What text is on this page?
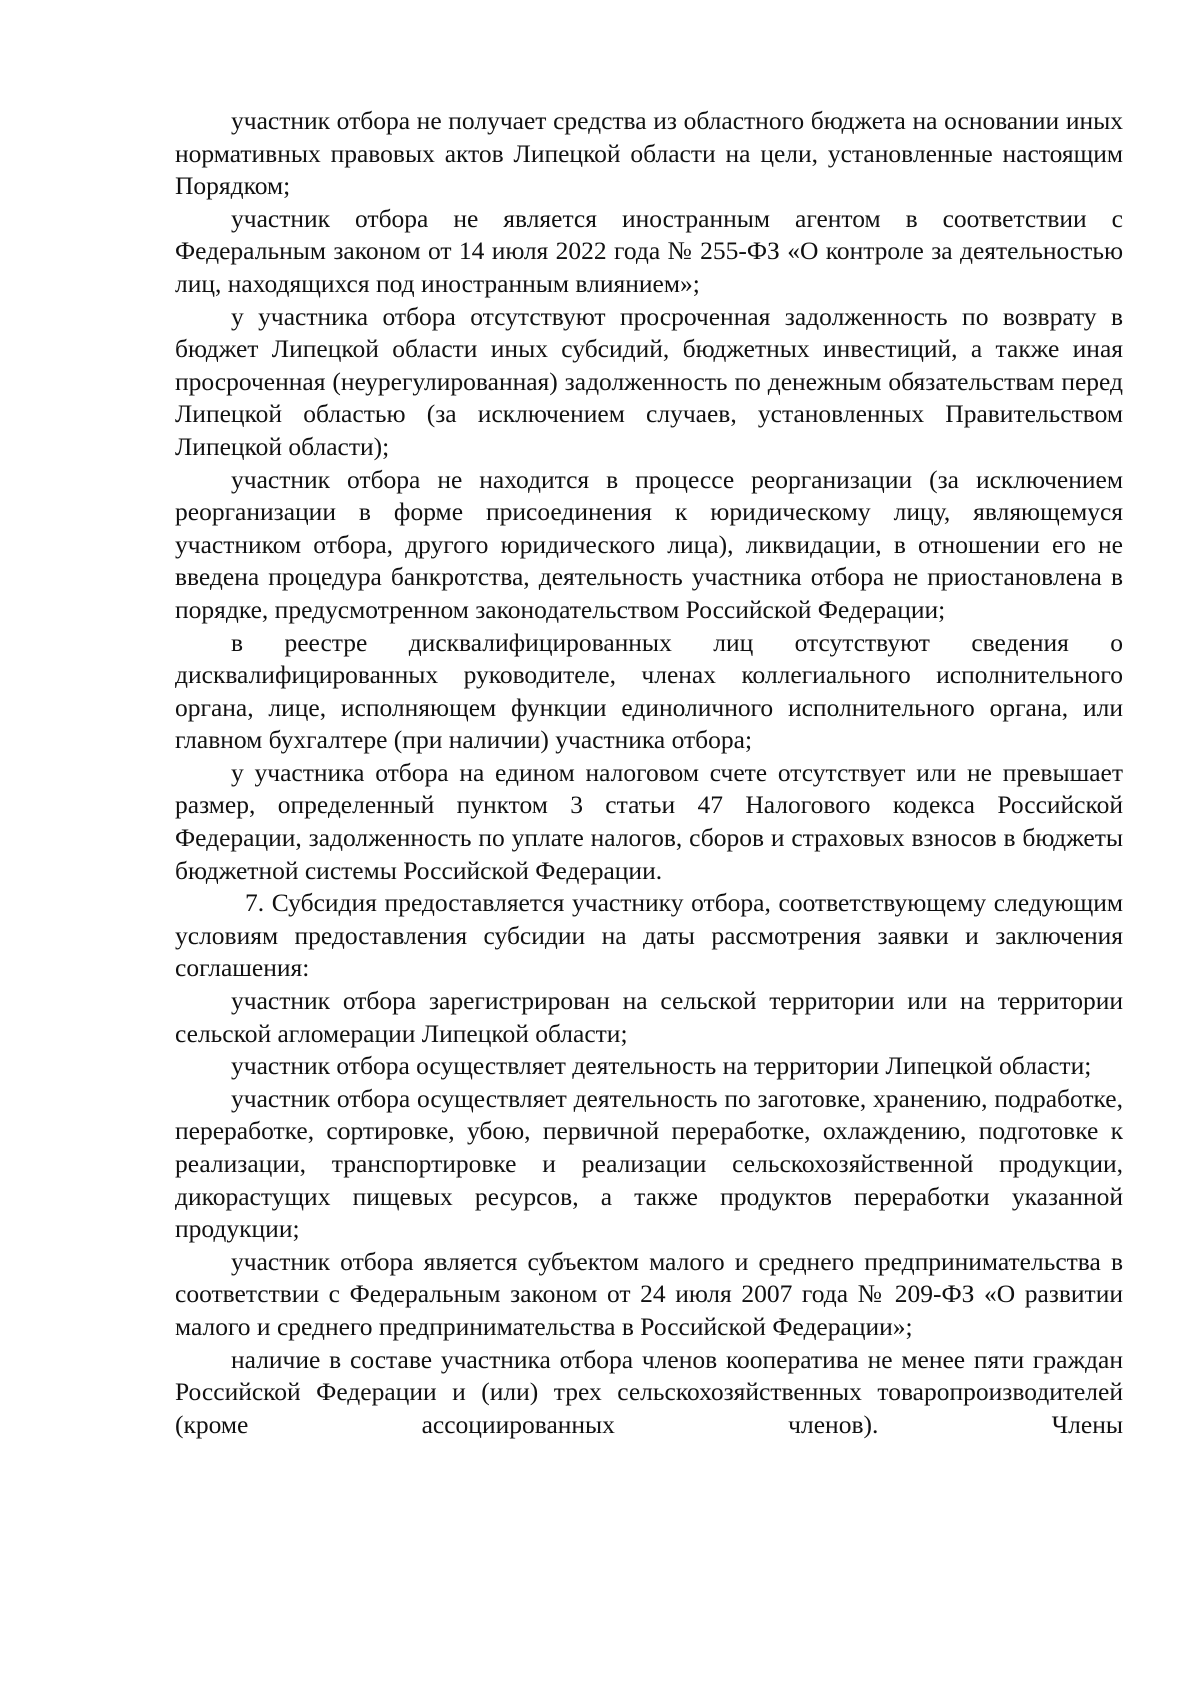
участник отбора не получает средства из областного бюджета на основании иных нормативных правовых актов Липецкой области на цели, установленные настоящим Порядком;

участник отбора не является иностранным агентом в соответствии с Федеральным законом от 14 июля 2022 года № 255-ФЗ «О контроле за деятельностью лиц, находящихся под иностранным влиянием»;

у участника отбора отсутствуют просроченная задолженность по возврату в бюджет Липецкой области иных субсидий, бюджетных инвестиций, а также иная просроченная (неурегулированная) задолженность по денежным обязательствам перед Липецкой областью (за исключением случаев, установленных Правительством Липецкой области);

участник отбора не находится в процессе реорганизации (за исключением реорганизации в форме присоединения к юридическому лицу, являющемуся участником отбора, другого юридического лица), ликвидации, в отношении его не введена процедура банкротства, деятельность участника отбора не приостановлена в порядке, предусмотренном законодательством Российской Федерации;

в реестре дисквалифицированных лиц отсутствуют сведения о дисквалифицированных руководителе, членах коллегиального исполнительного органа, лице, исполняющем функции единоличного исполнительного органа, или главном бухгалтере (при наличии) участника отбора;

у участника отбора на едином налоговом счете отсутствует или не превышает размер, определенный пунктом 3 статьи 47 Налогового кодекса Российской Федерации, задолженность по уплате налогов, сборов и страховых взносов в бюджеты бюджетной системы Российской Федерации.

7. Субсидия предоставляется участнику отбора, соответствующему следующим условиям предоставления субсидии на даты рассмотрения заявки и заключения соглашения:

участник отбора зарегистрирован на сельской территории или на территории сельской агломерации Липецкой области;

участник отбора осуществляет деятельность на территории Липецкой области;

участник отбора осуществляет деятельность по заготовке, хранению, подработке, переработке, сортировке, убою, первичной переработке, охлаждению, подготовке к реализации, транспортировке и реализации сельскохозяйственной продукции, дикорастущих пищевых ресурсов, а также продуктов переработки указанной продукции;

участник отбора является субъектом малого и среднего предпринимательства в соответствии с Федеральным законом от 24 июля 2007 года № 209-ФЗ «О развитии малого и среднего предпринимательства в Российской Федерации»;

наличие в составе участника отбора членов кооператива не менее пяти граждан Российской Федерации и (или) трех сельскохозяйственных товаропроизводителей (кроме ассоциированных членов). Члены
